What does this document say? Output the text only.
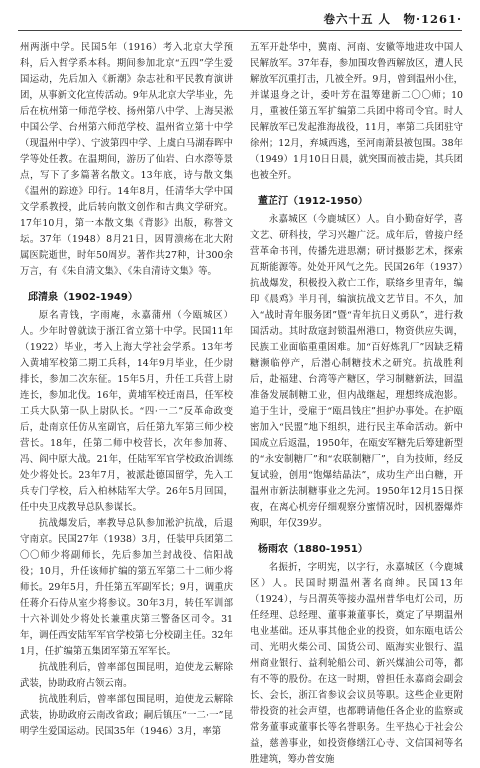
卷六十五 人　物·1261·

州两浙中学。民国5年（1916）考入北京大学预科，后入哲学系本科。期间参加北京“五四”学生爱国运动，先后加入《新潮》杂志社和平民教育演讲团，从事新文化宣传活动。9年从北京大学毕业，先后在杭州第一师范学校、扬州第八中学、上海吴淞中国公学、台州第六师范学校、温州省立第十中学（现温州中学）、宁波第四中学、上虞白马湖春晖中学等处任教。在温期间，游历了仙岩、白水漈等景点，写下了多篇著名散文。13年底，诗与散文集《温州的踪迹》印行。14年8月，任清华大学中国文学系教授，此后转向散文创作和古典文学研究。17年10月，第一本散文集《背影》出版，称誉文坛。37年（1948）8月21日，因胃溃疡在北大附属医院逝世，时年50周岁。著作共27种，计300余万言，有《朱自清文集》、《朱自清诗文集》等。

邱清泉（1902-1949）

原名青钱，字雨庵，永嘉蒲州（今瓯城区）人。少年时曾就读于浙江省立第十中学。民国11年（1922）毕业，考入上海大学社会学系。13年考入黄埔军校第二期工兵科，14年9月毕业，任少尉排长，参加二次东征。15年5月，升任工兵营上尉连长，参加北伐。16年，黄埔军校迁南昌，任军校工兵大队第一队上尉队长。“四·一二”反革命政变后，赴南京任仿从室副官，后任第九军第三师少校营长。18年，任第二师中校营长，次年参加蒋、冯、阎中原大战。21年，任陆军军官学校政治训练处少将处长。23年7月，被派赴德国留学，先入工兵专门学校，后入柏林陆军大学。26年5月回国，任中央卫戍教导总队参谋长。

抗战爆发后，率教导总队参加淞沪抗战，后退守南京。民国27年（1938）3月，任装甲兵团第二〇〇师少将副师长，先后参加兰封战役、信阳战役；10月，升任该师扩编的第五军第二十二师少将师长。29年5月，升任第五军副军长；9月，调重庆任蒋介石侍从室少将参议。30年3月，转任军训部十六补训处少将处长兼重庆第三警备区司令。31年，调任西安陆军军官学校第七分校副主任。32年1月，任扩编第五集团军第五军军长。

抗战胜利后，曾率部包围昆明，迫使龙云解除武装，协助政府占领云南。

抗战胜利后，曾率部包围昆明，迫使龙云解除武装，协助政府云南改省政；嗣后镇压“一二·一”昆明学生爱国运动。民国35年（1946）3月，率第

五军开赴华中，冀南、河南、安徽等地进攻中国人民解放军。37年春，参加围攻鲁西解放区，遭人民解放军沉重打击，几被全歼。9月，曾到温州小住，并谋退身之计，委叶芳在温筹建新二〇〇师；10月，重被任第五军扩编第二兵团中将司令官。时人民解放军已发起淮海战役，11月，率第二兵团驻守徐州；12月，弃城西逃，至河南萧县被包围。38年（1949）1月10日日晨，就突围而被击毙，其兵团也被全歼。

董芷汀（1912-1950）

永嘉城区（今鹿城区）人。自小勤奋好学，喜文艺、研科技，学习兴趣广泛。成年后，曾接户经营革命书刊，传播先进思潮；研讨摄影艺术，探索瓦斯能源等。处处开风气之先。民国26年（1937）抗战爆发，积极投入救亡工作，联络乡里青年，编印《晨鸡》半月刊，编演抗战文艺节目。不久，加入“战时青年服务团”暨“青年抗日义勇队”，进行救国活动。其时敌寇封锁温州港口，物资供应失调，民族工业面临重重困难。加“百好炼乳厂”因缺乏精糖濒临停产，后潜心制糖技术之研究。抗战胜利后，赴福建、台湾等产糖区，学习制糖新法，回温准备发展制糖工业，但内战继起，理想终成泡影。追于生计，受雇于“瓯昌钱庄”担护办事处。在护瓯密加入“民盟”地下组织，进行民主革命活动。新中国成立后返温，1950年，在瓯安军糖先后筹建新型的“永安制糖厂”和“农联制糖厂”，自为技师，经反复试验，创用“饱爆结晶法”，成功生产出白糖，开温州市新法制糖事业之先河。1950年12月15日探夜，在离心机旁仔细观察分蜜情况时，因机器爆炸殉职，年仅39岁。

杨雨农（1880-1951）

名振折，字明宪，以字行，永嘉城区（今鹿城区）人。民国时期温州著名商绅。民国13年（1924），与吕渭英等接办温州普华电灯公司，历任经理、总经理、董事兼董事长，奠定了早期温州电业基础。还从事其他企业的投资，如东瓯电话公司、光明火柴公司、国货公司、瓯海实业银行、温州商业银行、益利轮船公司、新兴煤油公司等，都有不等的股份。在这一时期，曾担任永嘉商会副会长、会长，浙江省参议会议员等职。这些企业更附带投资的社会声望，也都聘请他任各企业的监察或常务董事或董事长等名誉职务。生平热心于社会公益，慈善事业，如投资修缮江心寺、文信国祠等名胜建筑，筹办普安施
